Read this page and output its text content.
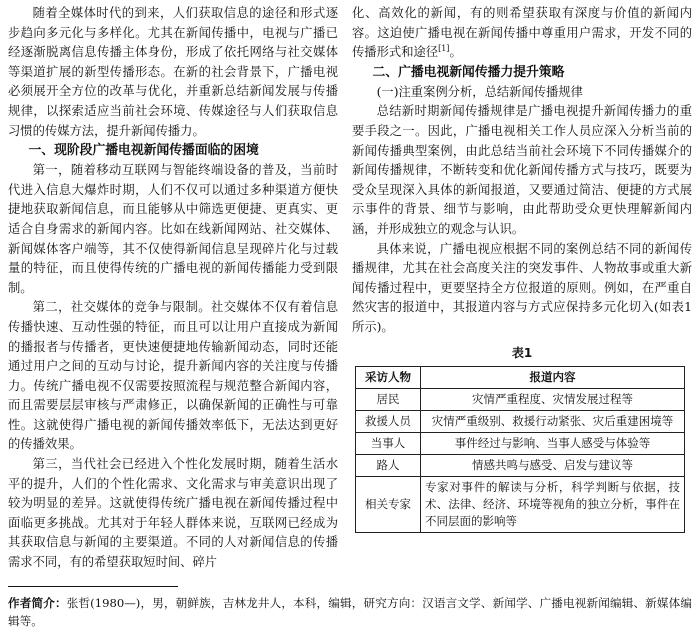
随着全媒体时代的到来，人们获取信息的途径和形式逐步趋向多元化与多样化。尤其在新闻传播中，电视与广播已经逐渐脱离信息传播主体身份，形成了依托网络与社交媒体等渠道扩展的新型传播形态。在新的社会背景下，广播电视必须展开全方位的改革与优化，并重新总结新闻发展与传播规律，以探索适应当前社会环境、传媒途径与人们获取信息习惯的传媒方法，提升新闻传播力。

一、现阶段广播电视新闻传播面临的困境

第一，随着移动互联网与智能终端设备的普及，当前时代进入信息大爆炸时期，人们不仅可以通过多种渠道方便快捷地获取新闻信息，而且能够从中筛选更便捷、更真实、更适合自身需求的新闻内容。比如在线新闻网站、社交媒体、新闻媒体客户端等，其不仅使得新闻信息呈现碎片化与过载量的特征，而且使得传统的广播电视的新闻传播能力受到限制。

第二，社交媒体的竞争与限制。社交媒体不仅有着信息传播快速、互动性强的特征，而且可以让用户直接成为新闻的播报者与传播者，更快速便捷地传输新闻动态，同时还能通过用户之间的互动与讨论，提升新闻内容的关注度与传播力。传统广播电视不仅需要按照流程与规范整合新闻内容，而且需要层层审核与严肃修正，以确保新闻的正确性与可靠性。这就使得广播电视的新闻传播效率低下，无法达到更好的传播效果。

第三，当代社会已经进入个性化发展时期，随着生活水平的提升，人们的个性化需求、文化需求与审美意识出现了较为明显的差异。这就使得传统广播电视在新闻传播过程中面临更多挑战。尤其对于年轻人群体来说，互联网已经成为其获取信息与新闻的主要渠道。不同的人对新闻信息的传播需求不同，有的希望获取短时间、碎片

化、高效化的新闻，有的则希望获取有深度与价值的新闻内容。这迫使广播电视在新闻传播中尊重用户需求，开发不同的传播形式和途径[1]。

二、广播电视新闻传播力提升策略
(一)注重案例分析，总结新闻传播规律

总结新时期新闻传播规律是广播电视提升新闻传播力的重要手段之一。因此，广播电视相关工作人员应深入分析当前的新闻传播典型案例，由此总结当前社会环境下不同传播媒介的新闻传播规律，不断转变和优化新闻传播方式与技巧，既要为受众呈现深入具体的新闻报道，又要通过简洁、便捷的方式展示事件的背景、细节与影响，由此帮助受众更快理解新闻内涵，并形成独立的观念与认识。

具体来说，广播电视应根据不同的案例总结不同的新闻传播规律，尤其在社会高度关注的突发事件、人物故事或重大新闻传播过程中，更要坚持全方位报道的原则。例如，在严重自然灾害的报道中，其报道内容与方式应保持多元化切入(如表1所示)。

表1
采访人物	报道内容
居民	灾情严重程度、灾情发展过程等
救援人员	灾情严重级别、救援行动紧张、灾后重建困境等
当事人	事件经过与影响、当事人感受与体验等
路人	情感共鸣与感受、启发与建议等
相关专家	专家对事件的解读与分析，科学判断与依据，技术、法律、经济、环境等视角的独立分析，事件在不同层面的影响等
作者简介：张哲(1980—)，男，朝鲜族，吉林龙井人，本科，编辑，研究方向：汉语言文学、新闻学、广播电视新闻编辑、新媒体编辑等。
